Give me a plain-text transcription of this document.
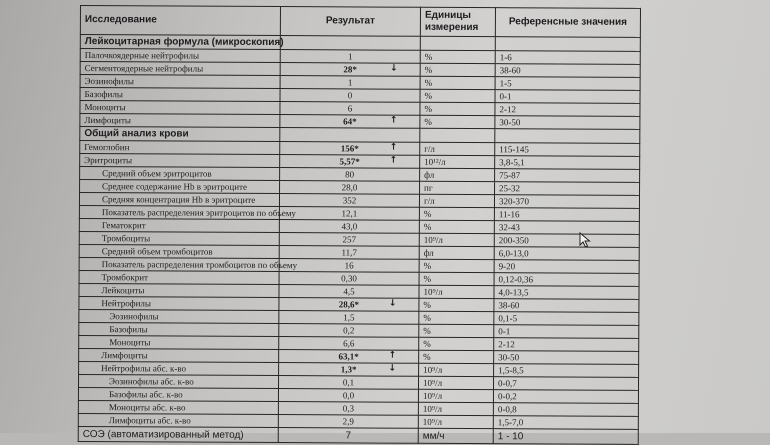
Исследование	Результат	Единицы измерения	Референсные значения
Лейкоцитарная формула (микроскопия)			
Палочкоядерные нейтрофилы	1	%	1-6
Сегментоядерные нейтрофилы	28* ↓	%	38-60
Эозинофилы	1	%	1-5
Базофилы	0	%	0-1
Моноциты	6	%	2-12
Лимфоциты	64* ↑	%	30-50
Общий анализ крови			
Гемоглобин	156* ↑	г/л	115-145
Эритроциты	5,57* ↑	10¹²/л	3,8-5,1
Средний объем эритроцитов	80	фл	75-87
Среднее содержание Hb в эритроците	28,0	пг	25-32
Средняя концентрация Hb в эритроците	352	г/л	320-370
Показатель распределения эритроцитов по объему	12,1	%	11-16
Гематокрит	43,0	%	32-43
Тромбоциты	257	10⁹/л	200-350
Средний объем тромбоцитов	11,7	фл	6,0-13,0
Показатель распределения тромбоцитов по объему	16	%	9-20
Тромбокрит	0,30	%	0,12-0,36
Лейкоциты	4,5	10⁹/л	4,0-13,5
Нейтрофилы	28,6* ↓	%	38-60
Эозинофилы	1,5	%	0,1-5
Базофилы	0,2	%	0-1
Моноциты	6,6	%	2-12
Лимфоциты	63,1* ↑	%	30-50
Нейтрофилы абс. к-во	1,3* ↓	10⁹/л	1,5-8,5
Эозинофилы абс. к-во	0,1	10⁹/л	0-0,7
Базофилы абс. к-во	0,0	10⁹/л	0-0,2
Моноциты абс. к-во	0,3	10⁹/л	0-0,8
Лимфоциты абс. к-во	2,9	10⁹/л	1,5-7,0
СОЭ (автоматизированный метод)	7	мм/ч	1 - 10
